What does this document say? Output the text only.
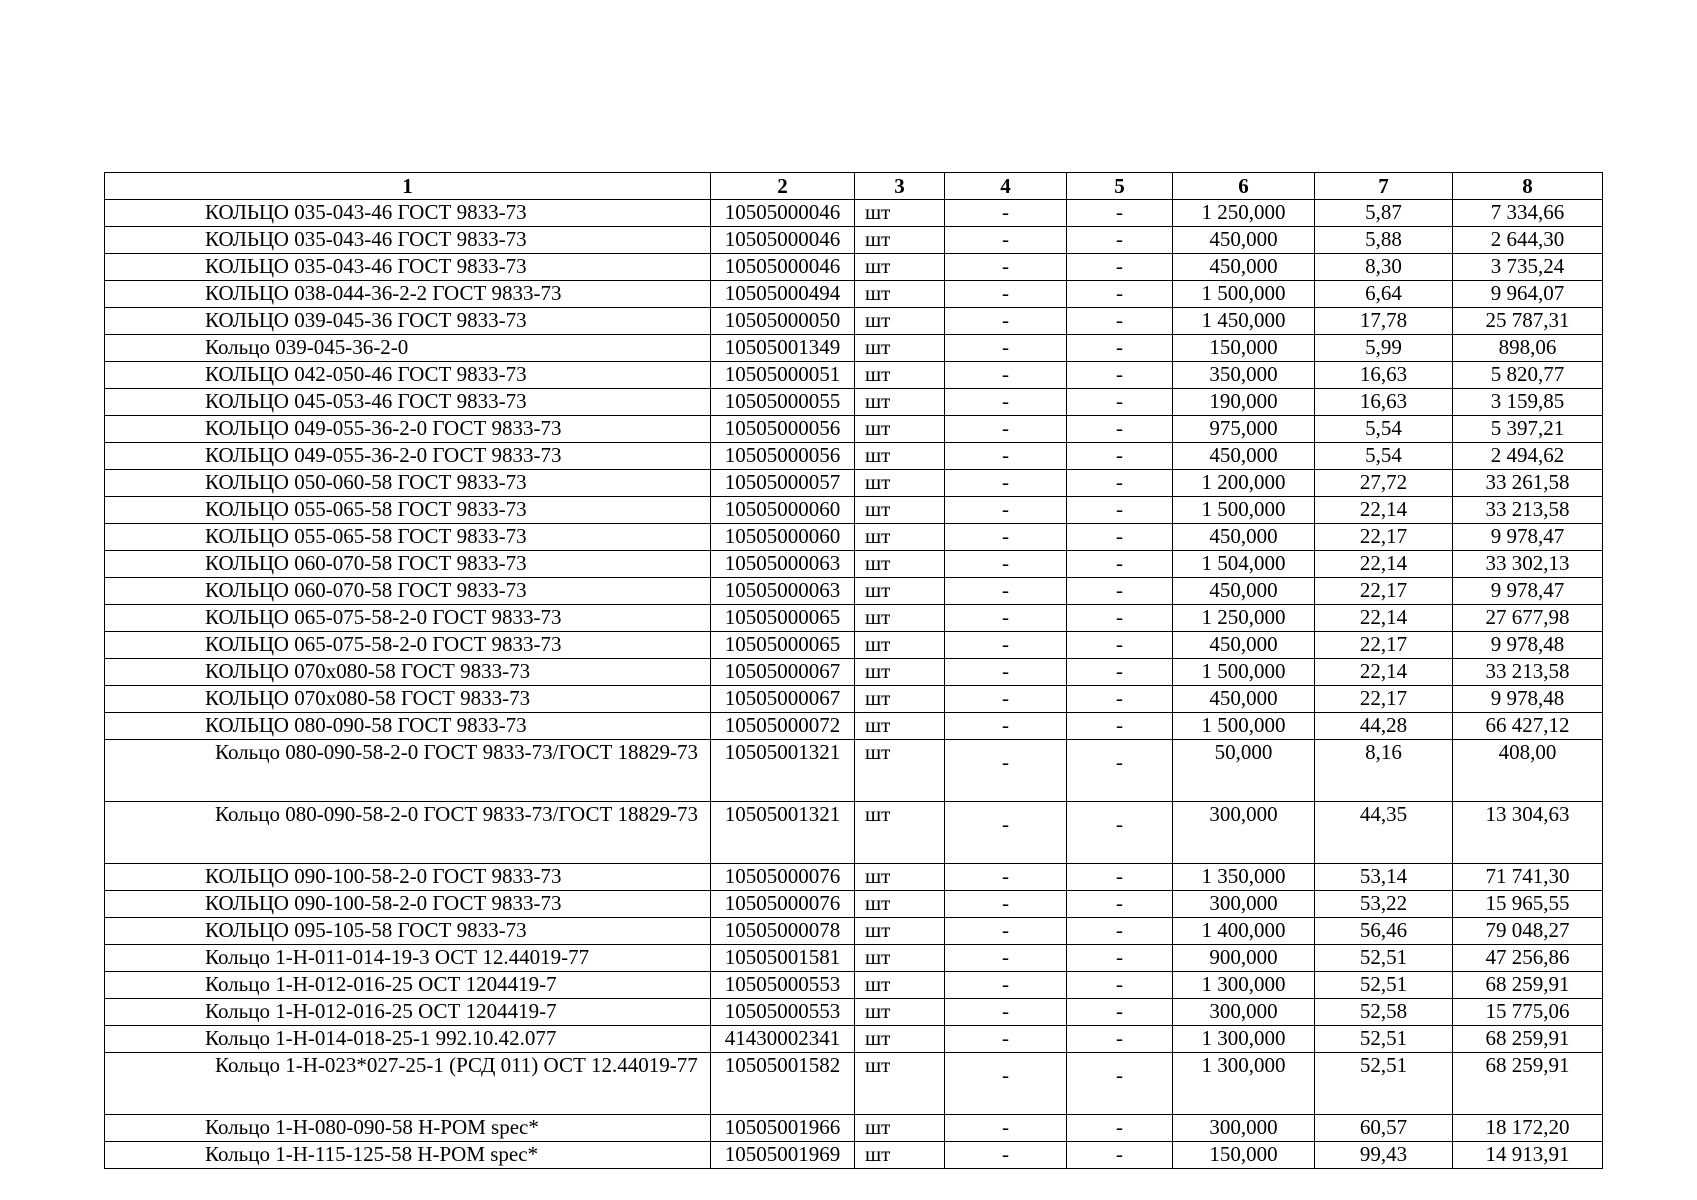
1	2	3	4	5	6	7	8

КОЛЬЦО 035-043-46 ГОСТ 9833-73	10505000046	шт	-	-	1 250,000	5,87	7 334,66

КОЛЬЦО 035-043-46 ГОСТ 9833-73	10505000046	шт	-	-	450,000	5,88	2 644,30

КОЛЬЦО 035-043-46 ГОСТ 9833-73	10505000046	шт	-	-	450,000	8,30	3 735,24

КОЛЬЦО 038-044-36-2-2 ГОСТ 9833-73	10505000494	шт	-	-	1 500,000	6,64	9 964,07

КОЛЬЦО 039-045-36 ГОСТ 9833-73	10505000050	шт	-	-	1 450,000	17,78	25 787,31

Кольцо 039-045-36-2-0	10505001349	шт	-	-	150,000	5,99	898,06

КОЛЬЦО 042-050-46 ГОСТ 9833-73	10505000051	шт	-	-	350,000	16,63	5 820,77

КОЛЬЦО 045-053-46 ГОСТ 9833-73	10505000055	шт	-	-	190,000	16,63	3 159,85

КОЛЬЦО 049-055-36-2-0 ГОСТ 9833-73	10505000056	шт	-	-	975,000	5,54	5 397,21

КОЛЬЦО 049-055-36-2-0 ГОСТ 9833-73	10505000056	шт	-	-	450,000	5,54	2 494,62

КОЛЬЦО 050-060-58 ГОСТ 9833-73	10505000057	шт	-	-	1 200,000	27,72	33 261,58

КОЛЬЦО 055-065-58 ГОСТ 9833-73	10505000060	шт	-	-	1 500,000	22,14	33 213,58

КОЛЬЦО 055-065-58 ГОСТ 9833-73	10505000060	шт	-	-	450,000	22,17	9 978,47

КОЛЬЦО 060-070-58 ГОСТ 9833-73	10505000063	шт	-	-	1 504,000	22,14	33 302,13

КОЛЬЦО 060-070-58 ГОСТ 9833-73	10505000063	шт	-	-	450,000	22,17	9 978,47

КОЛЬЦО 065-075-58-2-0 ГОСТ 9833-73	10505000065	шт	-	-	1 250,000	22,14	27 677,98

КОЛЬЦО 065-075-58-2-0 ГОСТ 9833-73	10505000065	шт	-	-	450,000	22,17	9 978,48

КОЛЬЦО 070х080-58 ГОСТ 9833-73	10505000067	шт	-	-	1 500,000	22,14	33 213,58

КОЛЬЦО 070х080-58 ГОСТ 9833-73	10505000067	шт	-	-	450,000	22,17	9 978,48

КОЛЬЦО 080-090-58 ГОСТ 9833-73	10505000072	шт	-	-	1 500,000	44,28	66 427,12

Кольцо 080-090-58-2-0 ГОСТ 9833-73/ГОСТ 18829-73	10505001321	шт	-	-	50,000	8,16	408,00

Кольцо 080-090-58-2-0 ГОСТ 9833-73/ГОСТ 18829-73	10505001321	шт	-	-	300,000	44,35	13 304,63

КОЛЬЦО 090-100-58-2-0 ГОСТ 9833-73	10505000076	шт	-	-	1 350,000	53,14	71 741,30

КОЛЬЦО 090-100-58-2-0 ГОСТ 9833-73	10505000076	шт	-	-	300,000	53,22	15 965,55

КОЛЬЦО 095-105-58 ГОСТ 9833-73	10505000078	шт	-	-	1 400,000	56,46	79 048,27

Кольцо 1-Н-011-014-19-3 ОСТ 12.44019-77	10505001581	шт	-	-	900,000	52,51	47 256,86

Кольцо 1-Н-012-016-25 ОСТ 1204419-7	10505000553	шт	-	-	1 300,000	52,51	68 259,91

Кольцо 1-Н-012-016-25 ОСТ 1204419-7	10505000553	шт	-	-	300,000	52,58	15 775,06

Кольцо 1-Н-014-018-25-1 992.10.42.077	41430002341	шт	-	-	1 300,000	52,51	68 259,91

Кольцо 1-Н-023*027-25-1 (РСД 011) ОСТ 12.44019-77	10505001582	шт	-	-	1 300,000	52,51	68 259,91

Кольцо 1-Н-080-090-58 H-POM spec*	10505001966	шт	-	-	300,000	60,57	18 172,20

Кольцо 1-Н-115-125-58 H-POM spec*	10505001969	шт	-	-	150,000	99,43	14 913,91
